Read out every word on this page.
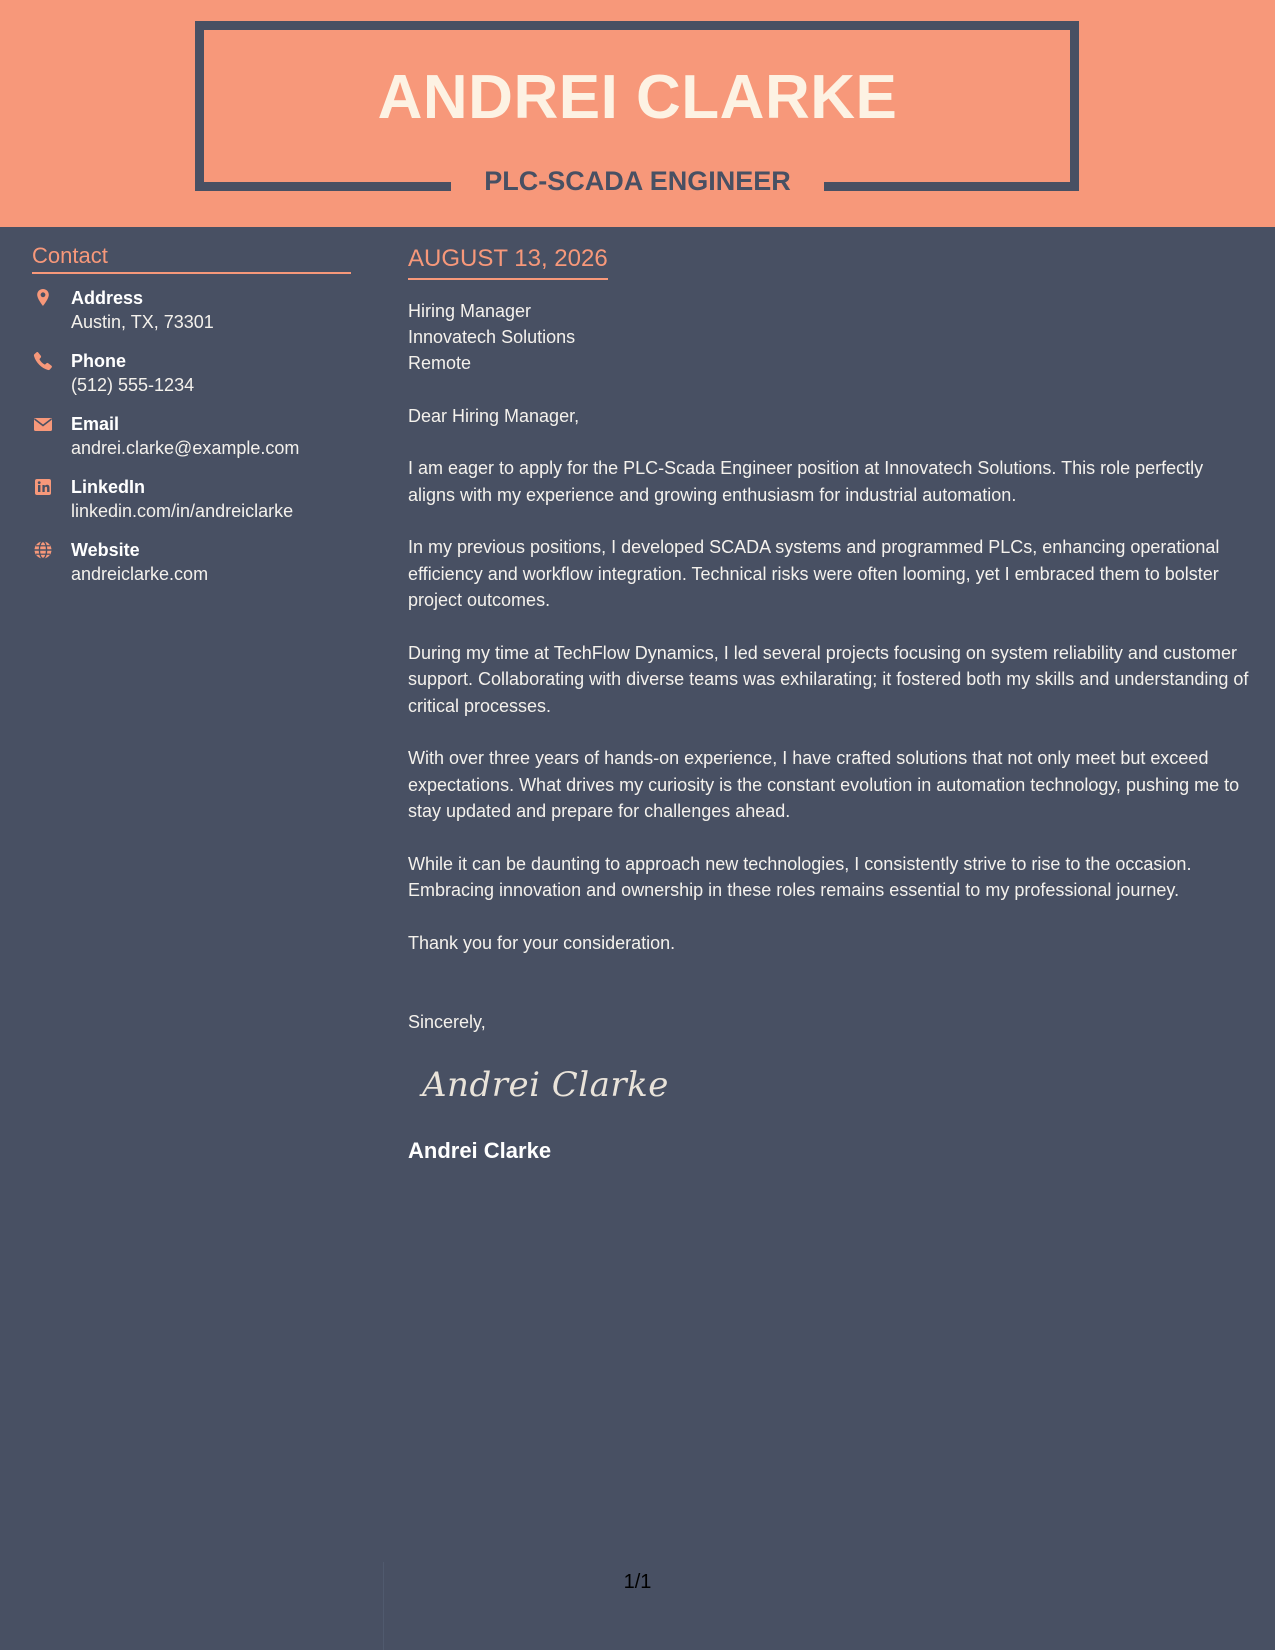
ANDREI CLARKE
PLC-SCADA ENGINEER
Contact
Address
Austin, TX, 73301
Phone
(512) 555-1234
Email
andrei.clarke@example.com
LinkedIn
linkedin.com/in/andreiclarke
Website
andreiclarke.com
AUGUST 13, 2026
Hiring Manager
Innovatech Solutions
Remote
Dear Hiring Manager,
I am eager to apply for the PLC-Scada Engineer position at Innovatech Solutions. This role perfectly aligns with my experience and growing enthusiasm for industrial automation.
In my previous positions, I developed SCADA systems and programmed PLCs, enhancing operational efficiency and workflow integration. Technical risks were often looming, yet I embraced them to bolster project outcomes.
During my time at TechFlow Dynamics, I led several projects focusing on system reliability and customer support. Collaborating with diverse teams was exhilarating; it fostered both my skills and understanding of critical processes.
With over three years of hands-on experience, I have crafted solutions that not only meet but exceed expectations. What drives my curiosity is the constant evolution in automation technology, pushing me to stay updated and prepare for challenges ahead.
While it can be daunting to approach new technologies, I consistently strive to rise to the occasion. Embracing innovation and ownership in these roles remains essential to my professional journey.
Thank you for your consideration.
Sincerely,
Andrei Clarke
Andrei Clarke
1/1
